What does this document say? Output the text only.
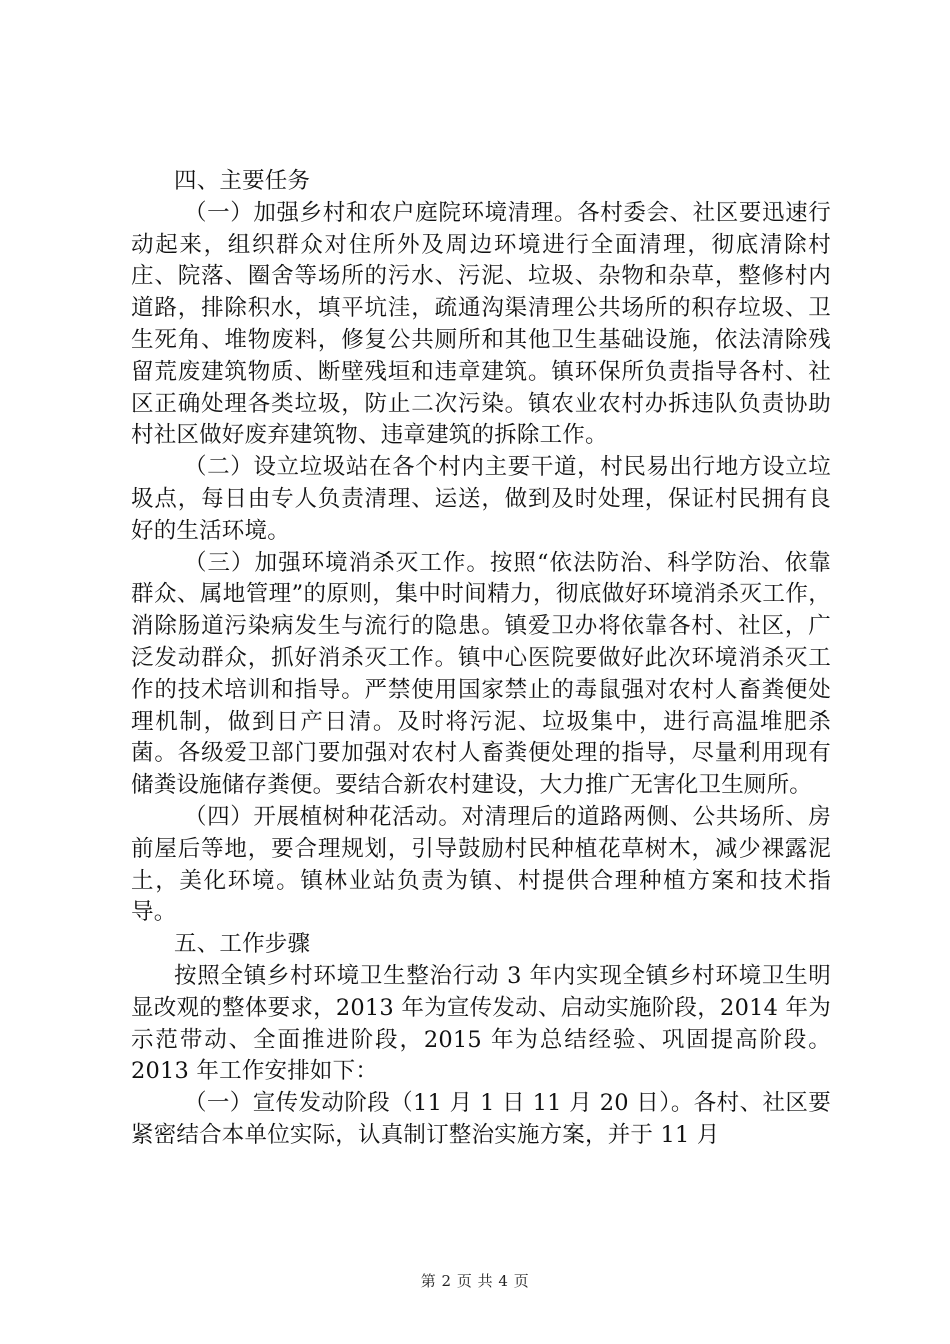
四、主要任务

（一）加强乡村和农户庭院环境清理。各村委会、社区要迅速行动起来，组织群众对住所外及周边环境进行全面清理，彻底清除村庄、院落、圈舍等场所的污水、污泥、垃圾、杂物和杂草，整修村内道路，排除积水，填平坑洼，疏通沟渠清理公共场所的积存垃圾、卫生死角、堆物废料，修复公共厕所和其他卫生基础设施，依法清除残留荒废建筑物质、断壁残垣和违章建筑。镇环保所负责指导各村、社区正确处理各类垃圾，防止二次污染。镇农业农村办拆违队负责协助村社区做好废弃建筑物、违章建筑的拆除工作。

（二）设立垃圾站在各个村内主要干道，村民易出行地方设立垃圾点，每日由专人负责清理、运送，做到及时处理，保证村民拥有良好的生活环境。

（三）加强环境消杀灭工作。按照“依法防治、科学防治、依靠群众、属地管理”的原则，集中时间精力，彻底做好环境消杀灭工作，消除肠道污染病发生与流行的隐患。镇爱卫办将依靠各村、社区，广泛发动群众，抓好消杀灭工作。镇中心医院要做好此次环境消杀灭工作的技术培训和指导。严禁使用国家禁止的毒鼠强对农村人畜粪便处理机制，做到日产日清。及时将污泥、垃圾集中，进行高温堆肥杀菌。各级爱卫部门要加强对农村人畜粪便处理的指导，尽量利用现有储粪设施储存粪便。要结合新农村建设，大力推广无害化卫生厕所。

（四）开展植树种花活动。对清理后的道路两侧、公共场所、房前屋后等地，要合理规划，引导鼓励村民种植花草树木，减少裸露泥土，美化环境。镇林业站负责为镇、村提供合理种植方案和技术指导。

五、工作步骤

按照全镇乡村环境卫生整治行动 3 年内实现全镇乡村环境卫生明显改观的整体要求，2013 年为宣传发动、启动实施阶段，2014 年为示范带动、全面推进阶段，2015 年为总结经验、巩固提高阶段。2013 年工作安排如下：

（一）宣传发动阶段（11 月 1 日 11 月 20 日）。各村、社区要紧密结合本单位实际，认真制订整治实施方案，并于 11 月

第 2 页 共 4 页
